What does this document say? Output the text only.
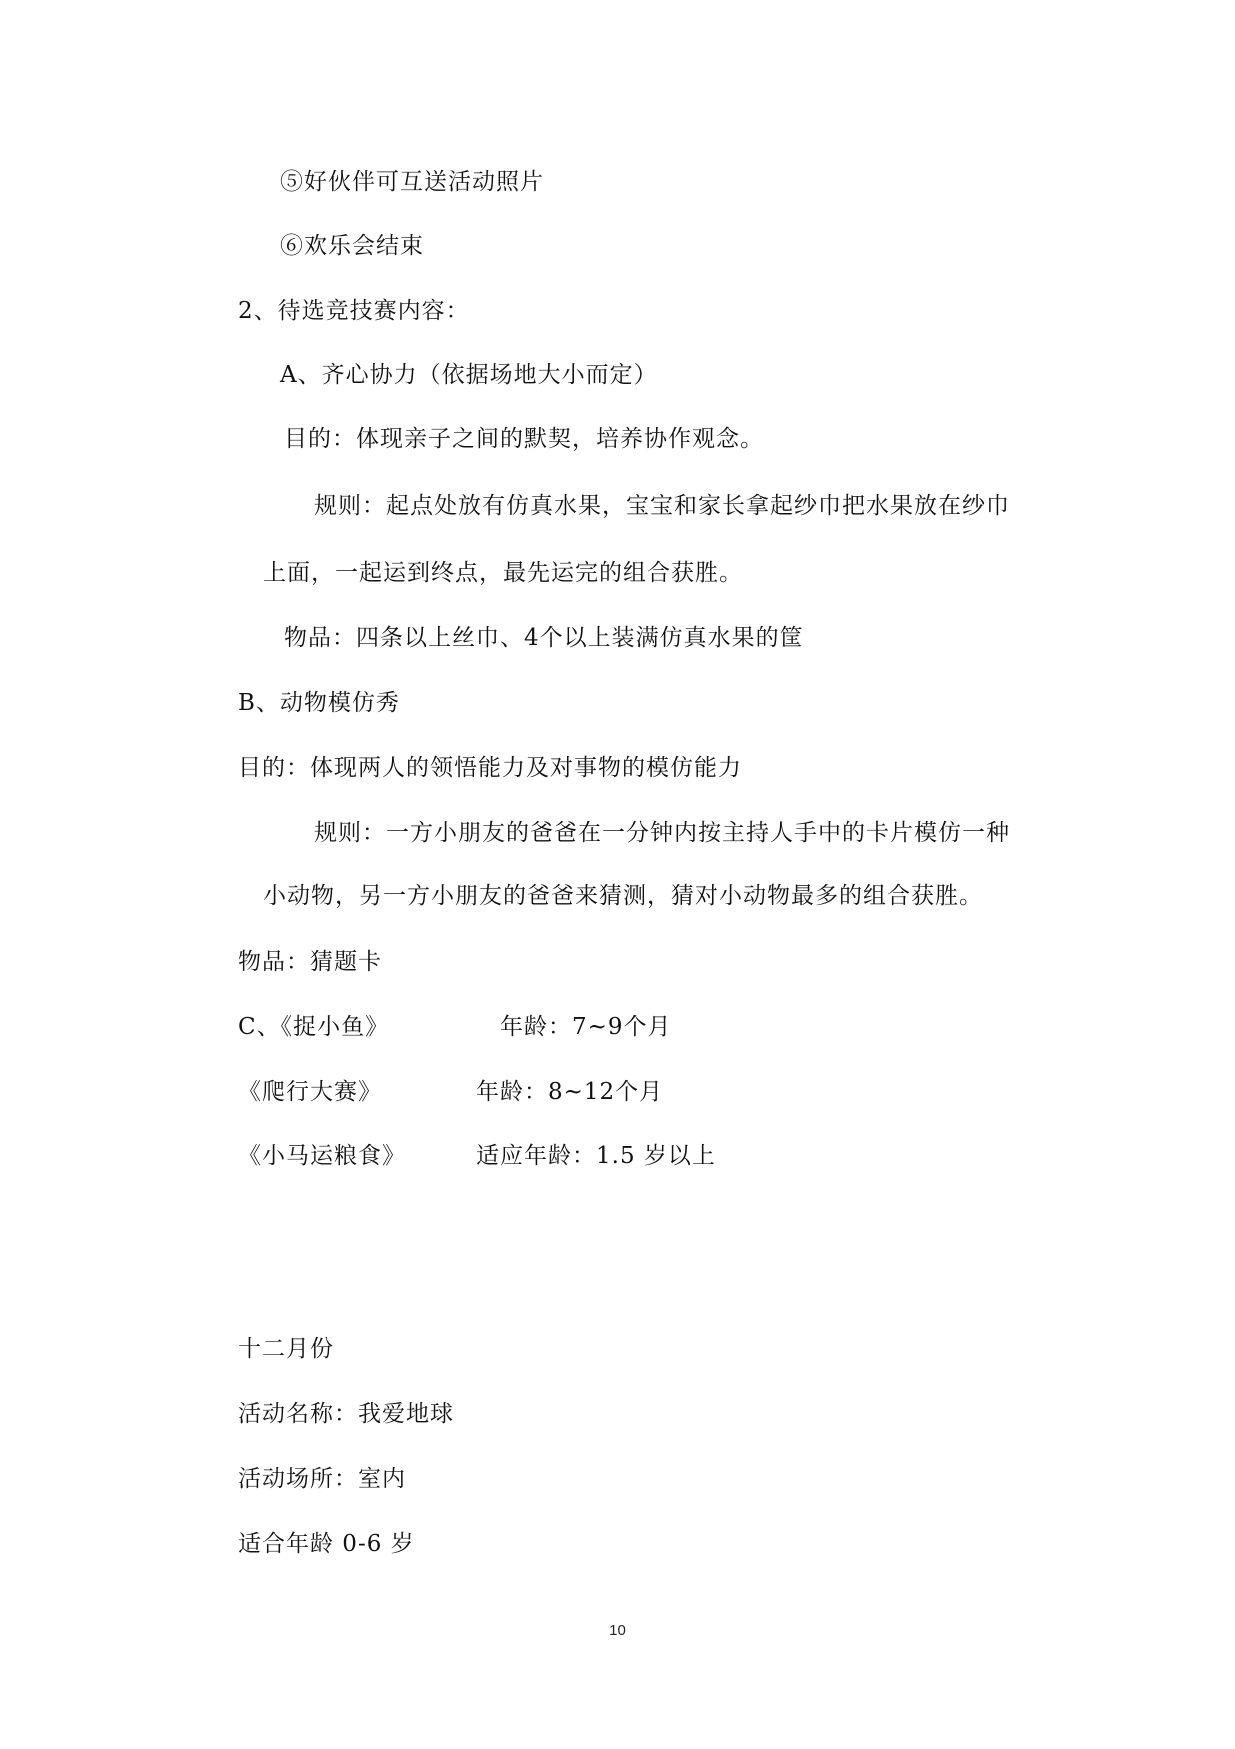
⑤好伙伴可互送活动照片
⑥欢乐会结束
2、待选竞技赛内容：
A、齐心协力（依据场地大小而定）
目的：体现亲子之间的默契，培养协作观念。
规则：起点处放有仿真水果，宝宝和家长拿起纱巾把水果放在纱巾
上面，一起运到终点，最先运完的组合获胜。
物品：四条以上丝巾、4个以上装满仿真水果的筐
B、动物模仿秀
目的：体现两人的领悟能力及对事物的模仿能力
规则：一方小朋友的爸爸在一分钟内按主持人手中的卡片模仿一种
小动物，另一方小朋友的爸爸来猜测，猜对小动物最多的组合获胜。
物品：猜题卡
C、《捉小鱼》	年龄：7~9个月
《爬行大赛》	年龄：8~12个月
《小马运粮食》	适应年龄：1.5 岁以上
十二月份
活动名称：我爱地球
活动场所：室内
适合年龄 0-6 岁
10
